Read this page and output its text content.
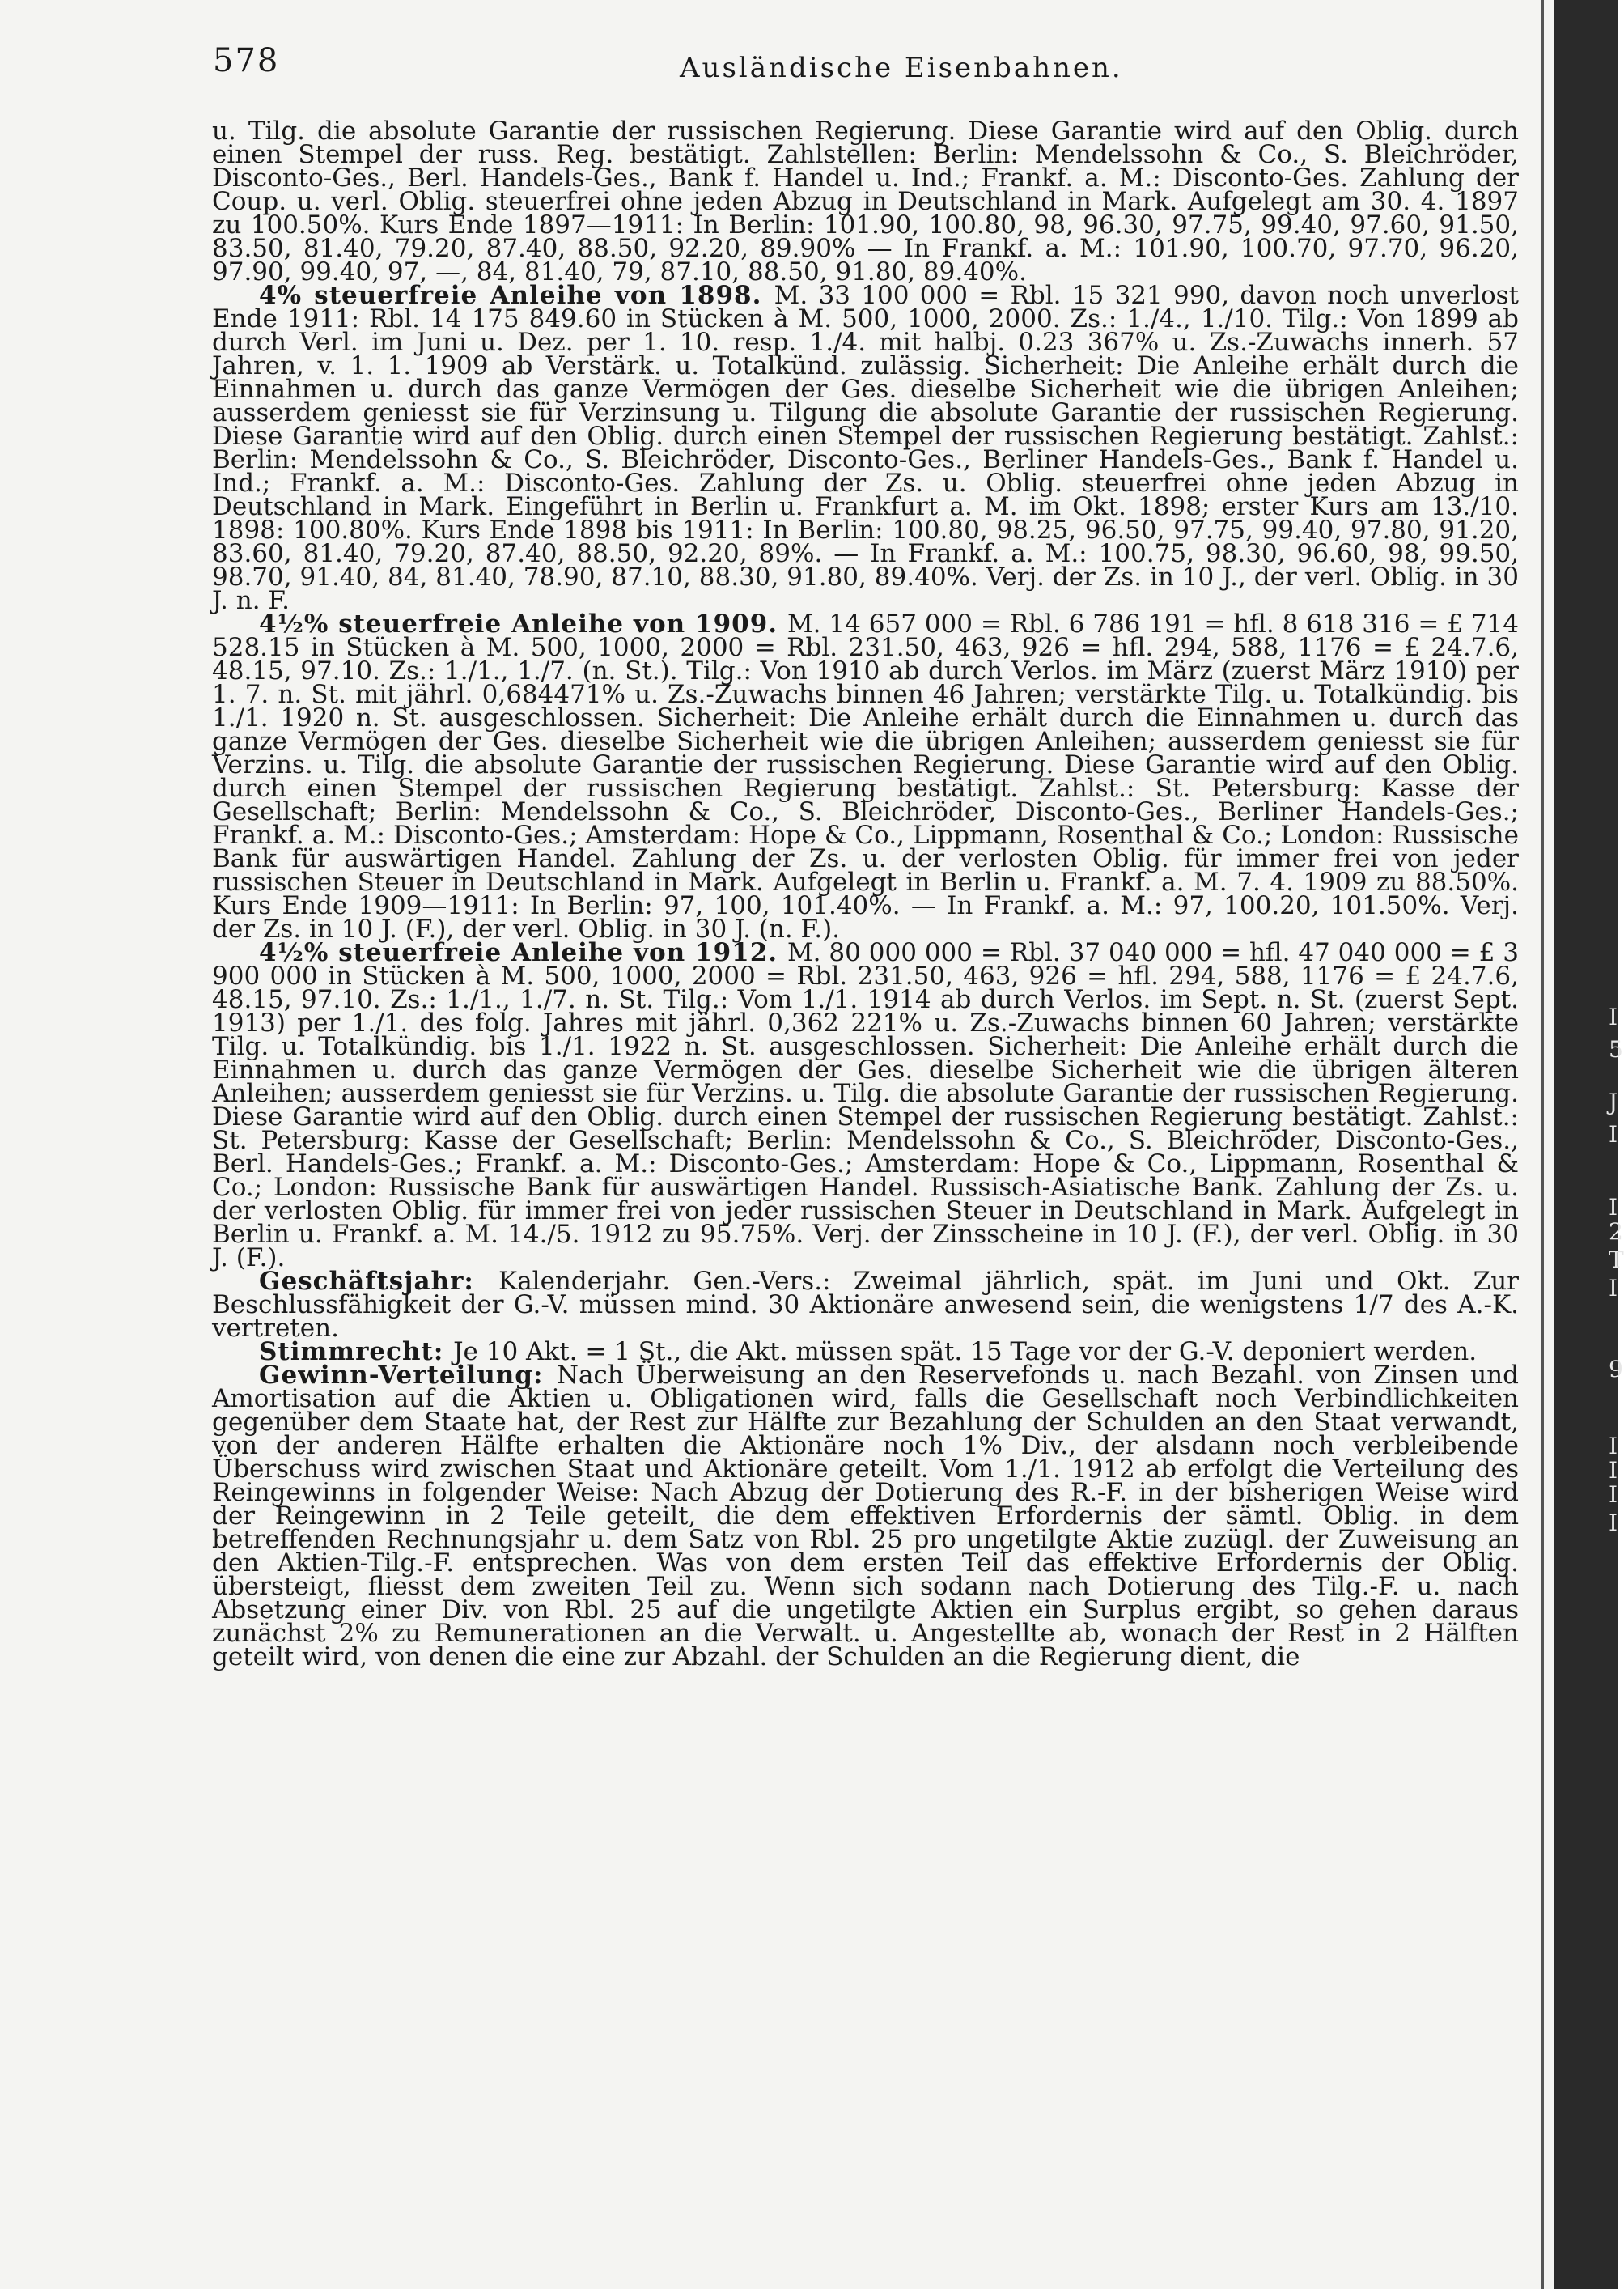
578	Ausländische Eisenbahnen.

u. Tilg. die absolute Garantie der russischen Regierung. Diese Garantie wird auf den Oblig. durch einen Stempel der russ. Reg. bestätigt. Zahlstellen: Berlin: Mendelssohn & Co., S. Bleichröder, Disconto-Ges., Berl. Handels-Ges., Bank f. Handel u. Ind.; Frankf. a. M.: Disconto-Ges. Zahlung der Coup. u. verl. Oblig. steuerfrei ohne jeden Abzug in Deutschland in Mark. Aufgelegt am 30. 4. 1897 zu 100.50%. Kurs Ende 1897—1911: In Berlin: 101.90, 100.80, 98, 96.30, 97.75, 99.40, 97.60, 91.50, 83.50, 81.40, 79.20, 87.40, 88.50, 92.20, 89.90% — In Frankf. a. M.: 101.90, 100.70, 97.70, 96.20, 97.90, 99.40, 97, —, 84, 81.40, 79, 87.10, 88.50, 91.80, 89.40%.

4% steuerfreie Anleihe von 1898. M. 33 100 000 = Rbl. 15 321 990, davon noch unverlost Ende 1911: Rbl. 14 175 849.60 in Stücken à M. 500, 1000, 2000. Zs.: 1./4., 1./10. Tilg.: Von 1899 ab durch Verl. im Juni u. Dez. per 1. 10. resp. 1./4. mit halbj. 0.23 367% u. Zs.-Zuwachs innerh. 57 Jahren, v. 1. 1. 1909 ab Verstärk. u. Totalkünd. zulässig. Sicherheit: Die Anleihe erhält durch die Einnahmen u. durch das ganze Vermögen der Ges. dieselbe Sicherheit wie die übrigen Anleihen; ausserdem geniesst sie für Verzinsung u. Tilgung die absolute Garantie der russischen Regierung. Diese Garantie wird auf den Oblig. durch einen Stempel der russischen Regierung bestätigt. Zahlst.: Berlin: Mendelssohn & Co., S. Bleichröder, Disconto-Ges., Berliner Handels-Ges., Bank f. Handel u. Ind.; Frankf. a. M.: Disconto-Ges. Zahlung der Zs. u. Oblig. steuerfrei ohne jeden Abzug in Deutschland in Mark. Eingeführt in Berlin u. Frankfurt a. M. im Okt. 1898; erster Kurs am 13./10. 1898: 100.80%. Kurs Ende 1898 bis 1911: In Berlin: 100.80, 98.25, 96.50, 97.75, 99.40, 97.80, 91.20, 83.60, 81.40, 79.20, 87.40, 88.50, 92.20, 89%. — In Frankf. a. M.: 100.75, 98.30, 96.60, 98, 99.50, 98.70, 91.40, 84, 81.40, 78.90, 87.10, 88.30, 91.80, 89.40%. Verj. der Zs. in 10 J., der verl. Oblig. in 30 J. n. F.

4½% steuerfreie Anleihe von 1909. M. 14 657 000 = Rbl. 6 786 191 = hfl. 8 618 316 = £ 714 528.15 in Stücken à M. 500, 1000, 2000 = Rbl. 231.50, 463, 926 = hfl. 294, 588, 1176 = £ 24.7.6, 48.15, 97.10. Zs.: 1./1., 1./7. (n. St.). Tilg.: Von 1910 ab durch Verlos. im März (zuerst März 1910) per 1. 7. n. St. mit jährl. 0,684471% u. Zs.-Zuwachs binnen 46 Jahren; verstärkte Tilg. u. Totalkündig. bis 1./1. 1920 n. St. ausgeschlossen. Sicherheit: Die Anleihe erhält durch die Einnahmen u. durch das ganze Vermögen der Ges. dieselbe Sicherheit wie die übrigen Anleihen; ausserdem geniesst sie für Verzins. u. Tilg. die absolute Garantie der russischen Regierung. Diese Garantie wird auf den Oblig. durch einen Stempel der russischen Regierung bestätigt. Zahlst.: St. Petersburg: Kasse der Gesellschaft; Berlin: Mendelssohn & Co., S. Bleichröder, Disconto-Ges., Berliner Handels-Ges.; Frankf. a. M.: Disconto-Ges.; Amsterdam: Hope & Co., Lippmann, Rosenthal & Co.; London: Russische Bank für auswärtigen Handel. Zahlung der Zs. u. der verlosten Oblig. für immer frei von jeder russischen Steuer in Deutschland in Mark. Aufgelegt in Berlin u. Frankf. a. M. 7. 4. 1909 zu 88.50%. Kurs Ende 1909—1911: In Berlin: 97, 100, 101.40%. — In Frankf. a. M.: 97, 100.20, 101.50%. Verj. der Zs. in 10 J. (F.), der verl. Oblig. in 30 J. (n. F.).

4½% steuerfreie Anleihe von 1912. M. 80 000 000 = Rbl. 37 040 000 = hfl. 47 040 000 = £ 3 900 000 in Stücken à M. 500, 1000, 2000 = Rbl. 231.50, 463, 926 = hfl. 294, 588, 1176 = £ 24.7.6, 48.15, 97.10. Zs.: 1./1., 1./7. n. St. Tilg.: Vom 1./1. 1914 ab durch Verlos. im Sept. n. St. (zuerst Sept. 1913) per 1./1. des folg. Jahres mit jährl. 0,362 221% u. Zs.-Zuwachs binnen 60 Jahren; verstärkte Tilg. u. Totalkündig. bis 1./1. 1922 n. St. ausgeschlossen. Sicherheit: Die Anleihe erhält durch die Einnahmen u. durch das ganze Vermögen der Ges. dieselbe Sicherheit wie die übrigen älteren Anleihen; ausserdem geniesst sie für Verzins. u. Tilg. die absolute Garantie der russischen Regierung. Diese Garantie wird auf den Oblig. durch einen Stempel der russischen Regierung bestätigt. Zahlst.: St. Petersburg: Kasse der Gesellschaft; Berlin: Mendelssohn & Co., S. Bleichröder, Disconto-Ges., Berl. Handels-Ges.; Frankf. a. M.: Disconto-Ges.; Amsterdam: Hope & Co., Lippmann, Rosenthal & Co.; London: Russische Bank für auswärtigen Handel. Russisch-Asiatische Bank. Zahlung der Zs. u. der verlosten Oblig. für immer frei von jeder russischen Steuer in Deutschland in Mark. Aufgelegt in Berlin u. Frankf. a. M. 14./5. 1912 zu 95.75%. Verj. der Zinsscheine in 10 J. (F.), der verl. Oblig. in 30 J. (F.).

Geschäftsjahr: Kalenderjahr. Gen.-Vers.: Zweimal jährlich, spät. im Juni und Okt. Zur Beschlussfähigkeit der G.-V. müssen mind. 30 Aktionäre anwesend sein, die wenigstens 1/7 des A.-K. vertreten.

Stimmrecht: Je 10 Akt. = 1 St., die Akt. müssen spät. 15 Tage vor der G.-V. deponiert werden.

Gewinn-Verteilung: Nach Überweisung an den Reservefonds u. nach Bezahl. von Zinsen und Amortisation auf die Aktien u. Obligationen wird, falls die Gesellschaft noch Verbindlichkeiten gegenüber dem Staate hat, der Rest zur Hälfte zur Bezahlung der Schulden an den Staat verwandt, von der anderen Hälfte erhalten die Aktionäre noch 1% Div., der alsdann noch verbleibende Überschuss wird zwischen Staat und Aktionäre geteilt. Vom 1./1. 1912 ab erfolgt die Verteilung des Reingewinns in folgender Weise: Nach Abzug der Dotierung des R.-F. in der bisherigen Weise wird der Reingewinn in 2 Teile geteilt, die dem effektiven Erfordernis der sämtl. Oblig. in dem betreffenden Rechnungsjahr u. dem Satz von Rbl. 25 pro ungetilgte Aktie zuzügl. der Zuweisung an den Aktien-Tilg.-F. entsprechen. Was von dem ersten Teil das effektive Erfordernis der Oblig. übersteigt, fliesst dem zweiten Teil zu. Wenn sich sodann nach Dotierung des Tilg.-F. u. nach Absetzung einer Div. von Rbl. 25 auf die ungetilgte Aktien ein Surplus ergibt, so gehen daraus zunächst 2% zu Remunerationen an die Verwalt. u. Angestellte ab, wonach der Rest in 2 Hälften geteilt wird, von denen die eine zur Abzahl. der Schulden an die Regierung dient, die

I
5
J
I
I
2
T
I
9
I
I
I
I
